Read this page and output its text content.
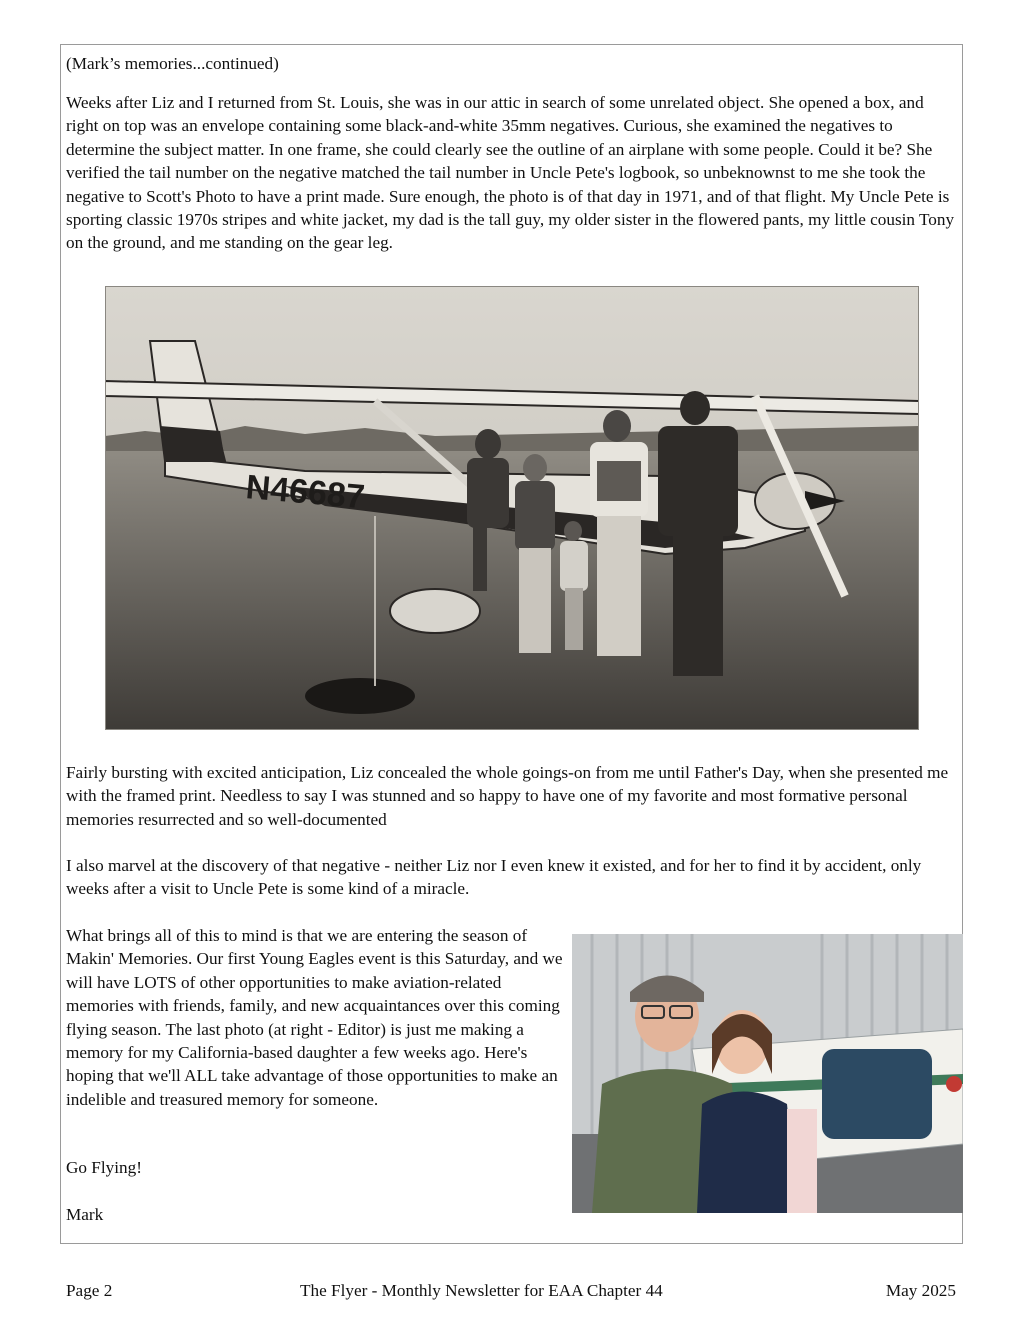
(Mark’s memories...continued)

Weeks after Liz and I returned from St. Louis, she was in our attic in search of some unrelated object. She opened a box, and right on top was an envelope containing some black-and-white 35mm negatives. Curious, she examined the negatives to determine the subject matter. In one frame, she could clearly see the outline of an airplane with some people. Could it be? She verified the tail number on the negative matched the tail number in Uncle Pete's logbook, so unbeknownst to me she took the negative to Scott's Photo to have a print made. Sure enough, the photo is of that day in 1971, and of that flight. My Uncle Pete is sporting classic 1970s stripes and white jacket, my dad is the tall guy, my older sister in the flowered pants, my little cousin Tony on the ground, and me standing on the gear leg.

N46687

Fairly bursting with excited anticipation, Liz concealed the whole goings-on from me until Father's Day, when she presented me with the framed print. Needless to say I was stunned and so happy to have one of my favorite and most formative personal memories resurrected and so well-documented

I also marvel at the discovery of that negative - neither Liz nor I even knew it existed, and for her to find it by accident, only weeks after a visit to Uncle Pete is some kind of a miracle.

What brings all of this to mind is that we are entering the season of Makin' Memories. Our first Young Eagles event is this Saturday, and we will have LOTS of other opportunities to make aviation-related memories with friends, family, and new acquaintances over this coming flying season. The last photo (at right - Editor) is just me making a memory for my California-based daughter a few weeks ago. Here's hoping that we'll ALL take advantage of those opportunities to make an indelible and treasured memory for someone.

Go Flying!

Mark

Page 2	The Flyer - Monthly Newsletter for EAA Chapter 44	May 2025
